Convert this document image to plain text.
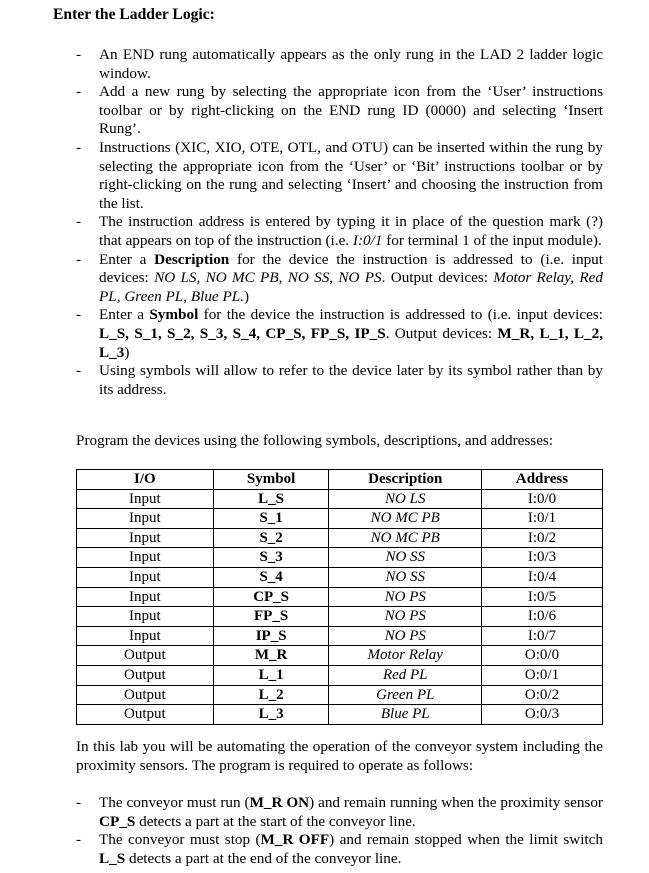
Enter the Ladder Logic:
- An END rung automatically appears as the only rung in the LAD 2 ladder logic window.
- Add a new rung by selecting the appropriate icon from the ‘User’ instructions toolbar or by right-clicking on the END rung ID (0000) and selecting ‘Insert Rung’.
- Instructions (XIC, XIO, OTE, OTL, and OTU) can be inserted within the rung by selecting the appropriate icon from the ‘User’ or ‘Bit’ instructions toolbar or by right-clicking on the rung and selecting ‘Insert’ and choosing the instruction from the list.
- The instruction address is entered by typing it in place of the question mark (?) that appears on top of the instruction (i.e. I:0/1 for terminal 1 of the input module).
- Enter a Description for the device the instruction is addressed to (i.e. input devices: NO LS, NO MC PB, NO SS, NO PS. Output devices: Motor Relay, Red PL, Green PL, Blue PL.)
- Enter a Symbol for the device the instruction is addressed to (i.e. input devices: L_S, S_1, S_2, S_3, S_4, CP_S, FP_S, IP_S. Output devices: M_R, L_1, L_2, L_3)
- Using symbols will allow to refer to the device later by its symbol rather than by its address.
Program the devices using the following symbols, descriptions, and addresses:
I/O	Symbol	Description	Address
Input	L_S	NO LS	I:0/0
Input	S_1	NO MC PB	I:0/1
Input	S_2	NO MC PB	I:0/2
Input	S_3	NO SS	I:0/3
Input	S_4	NO SS	I:0/4
Input	CP_S	NO PS	I:0/5
Input	FP_S	NO PS	I:0/6
Input	IP_S	NO PS	I:0/7
Output	M_R	Motor Relay	O:0/0
Output	L_1	Red PL	O:0/1
Output	L_2	Green PL	O:0/2
Output	L_3	Blue PL	O:0/3
In this lab you will be automating the operation of the conveyor system including the proximity sensors. The program is required to operate as follows:
- The conveyor must run (M_R ON) and remain running when the proximity sensor CP_S detects a part at the start of the conveyor line.
- The conveyor must stop (M_R OFF) and remain stopped when the limit switch L_S detects a part at the end of the conveyor line.
